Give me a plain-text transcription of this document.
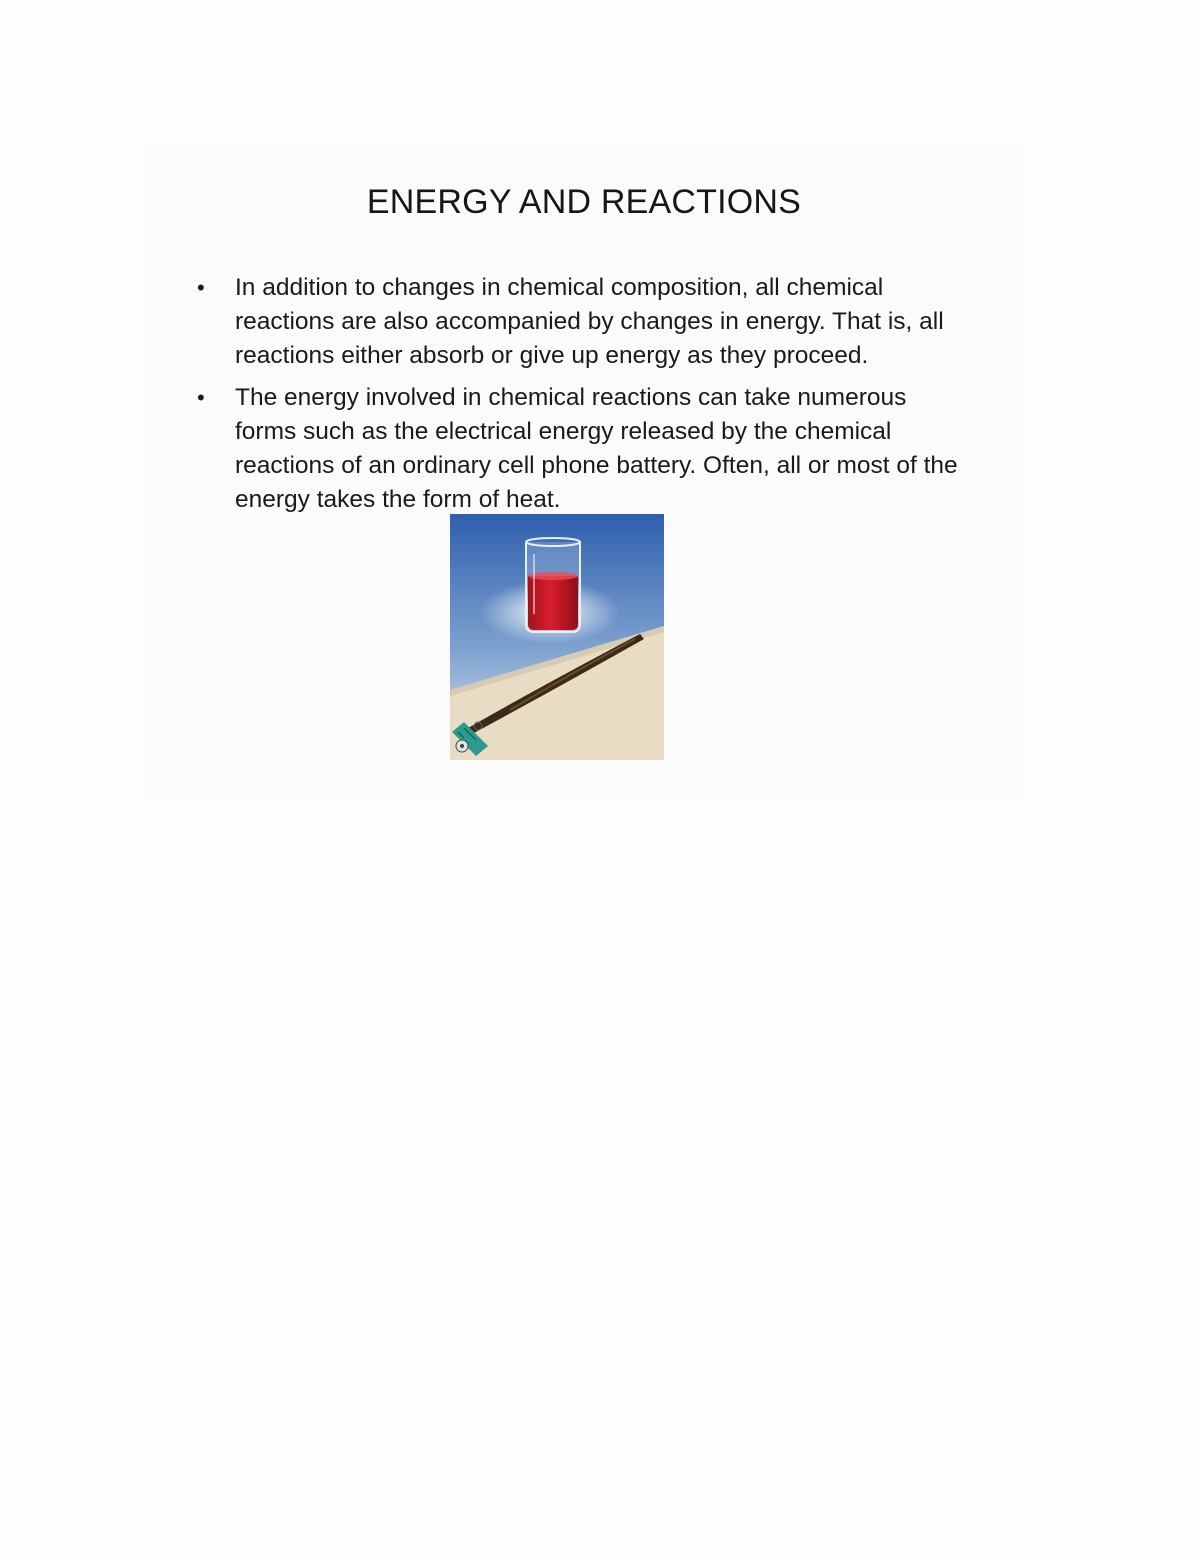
ENERGY AND REACTIONS
• In addition to changes in chemical composition, all chemical reactions are also accompanied by changes in energy. That is, all reactions either absorb or give up energy as they proceed.
• The energy involved in chemical reactions can take numerous forms such as the electrical energy released by the chemical reactions of an ordinary cell phone battery. Often, all or most of the energy takes the form of heat.
